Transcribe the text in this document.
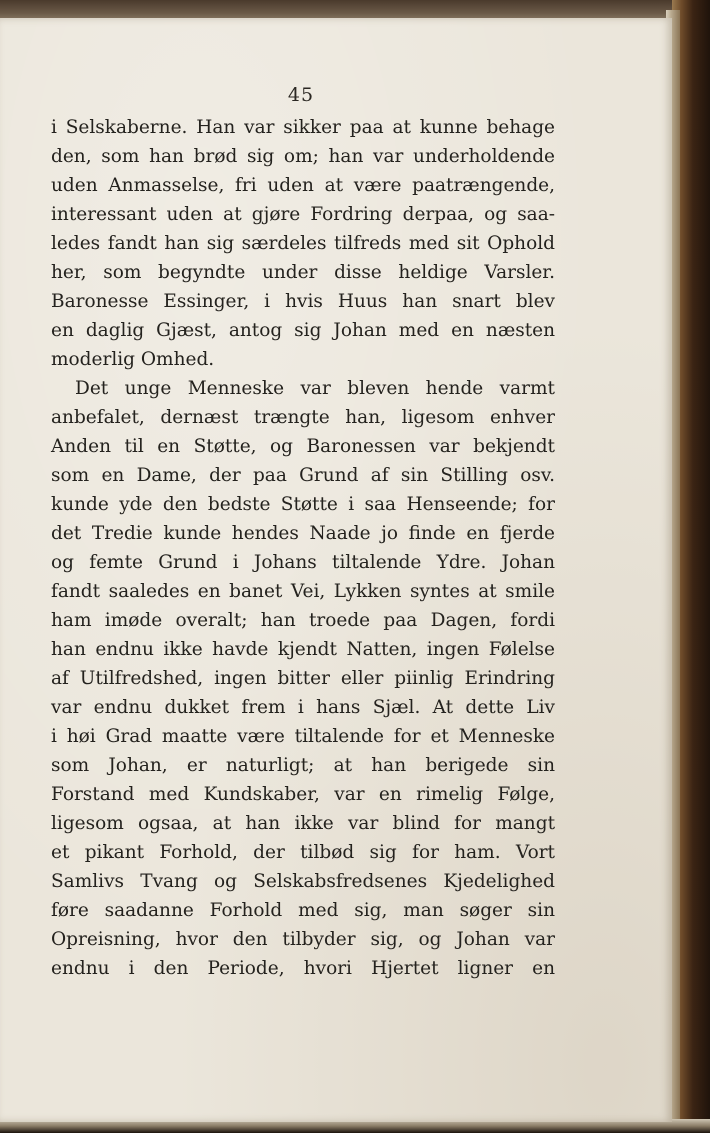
45
i Selskaberne. Han var sikker paa at kunne behage
den, som han brød sig om; han var underholdende
uden Anmasselse, fri uden at være paatrængende,
interessant uden at gjøre Fordring derpaa, og saa-
ledes fandt han sig særdeles tilfreds med sit Ophold
her, som begyndte under disse heldige Varsler.
Baronesse Essinger, i hvis Huus han snart blev
en daglig Gjæst, antog sig Johan med en næsten
moderlig Omhed.
Det unge Menneske var bleven hende varmt
anbefalet, dernæst trængte han, ligesom enhver
Anden til en Støtte, og Baronessen var bekjendt
som en Dame, der paa Grund af sin Stilling osv.
kunde yde den bedste Støtte i saa Henseende; for
det Tredie kunde hendes Naade jo finde en fjerde
og femte Grund i Johans tiltalende Ydre. Johan
fandt saaledes en banet Vei, Lykken syntes at smile
ham imøde overalt; han troede paa Dagen, fordi
han endnu ikke havde kjendt Natten, ingen Følelse
af Utilfredshed, ingen bitter eller piinlig Erindring
var endnu dukket frem i hans Sjæl. At dette Liv
i høi Grad maatte være tiltalende for et Menneske
som Johan, er naturligt; at han berigede sin
Forstand med Kundskaber, var en rimelig Følge,
ligesom ogsaa, at han ikke var blind for mangt
et pikant Forhold, der tilbød sig for ham. Vort
Samlivs Tvang og Selskabsfredsenes Kjedelighed
føre saadanne Forhold med sig, man søger sin
Opreisning, hvor den tilbyder sig, og Johan var
endnu i den Periode, hvori Hjertet ligner en
